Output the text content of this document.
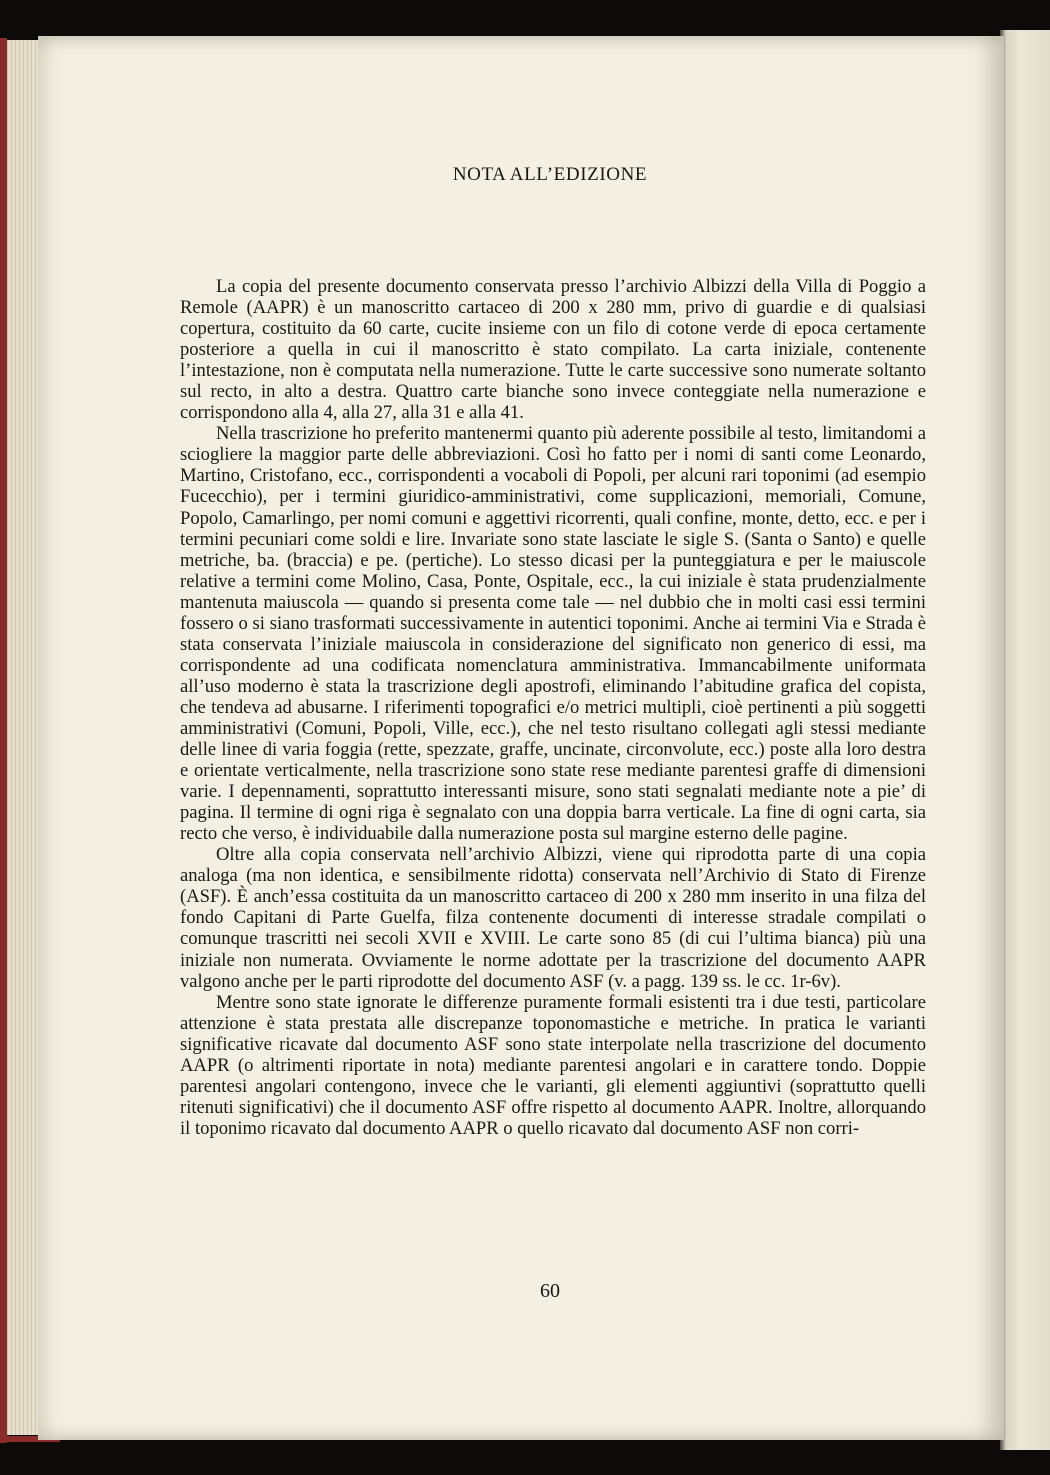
NOTA ALL’EDIZIONE

La copia del presente documento conservata presso l’archivio Albizzi della Villa di Poggio a Remole (AAPR) è un manoscritto cartaceo di 200 x 280 mm, privo di guardie e di qualsiasi copertura, costituito da 60 carte, cucite insieme con un filo di cotone verde di epoca certamente posteriore a quella in cui il manoscritto è stato compilato. La carta iniziale, contenente l’intestazione, non è computata nella numerazione. Tutte le carte successive sono numerate soltanto sul recto, in alto a destra. Quattro carte bianche sono invece conteggiate nella numerazione e corrispondono alla 4, alla 27, alla 31 e alla 41.

Nella trascrizione ho preferito mantenermi quanto più aderente possibile al testo, limitandomi a sciogliere la maggior parte delle abbreviazioni. Così ho fatto per i nomi di santi come Leonardo, Martino, Cristofano, ecc., corrispondenti a vocaboli di Popoli, per alcuni rari toponimi (ad esempio Fucecchio), per i termini giuridico-amministrativi, come supplicazioni, memoriali, Comune, Popolo, Camarlingo, per nomi comuni e aggettivi ricorrenti, quali confine, monte, detto, ecc. e per i termini pecuniari come soldi e lire. Invariate sono state lasciate le sigle S. (Santa o Santo) e quelle metriche, ba. (braccia) e pe. (pertiche). Lo stesso dicasi per la punteggiatura e per le maiuscole relative a termini come Molino, Casa, Ponte, Ospitale, ecc., la cui iniziale è stata prudenzialmente mantenuta maiuscola — quando si presenta come tale — nel dubbio che in molti casi essi termini fossero o si siano trasformati successivamente in autentici toponimi. Anche ai termini Via e Strada è stata conservata l’iniziale maiuscola in considerazione del significato non generico di essi, ma corrispondente ad una codificata nomenclatura amministrativa. Immancabilmente uniformata all’uso moderno è stata la trascrizione degli apostrofi, eliminando l’abitudine grafica del copista, che tendeva ad abusarne. I riferimenti topografici e/o metrici multipli, cioè pertinenti a più soggetti amministrativi (Comuni, Popoli, Ville, ecc.), che nel testo risultano collegati agli stessi mediante delle linee di varia foggia (rette, spezzate, graffe, uncinate, circonvolute, ecc.) poste alla loro destra e orientate verticalmente, nella trascrizione sono state rese mediante parentesi graffe di dimensioni varie. I depennamenti, soprattutto interessanti misure, sono stati segnalati mediante note a pie’ di pagina. Il termine di ogni riga è segnalato con una doppia barra verticale. La fine di ogni carta, sia recto che verso, è individuabile dalla numerazione posta sul margine esterno delle pagine.

Oltre alla copia conservata nell’archivio Albizzi, viene qui riprodotta parte di una copia analoga (ma non identica, e sensibilmente ridotta) conservata nell’Archivio di Stato di Firenze (ASF). È anch’essa costituita da un manoscritto cartaceo di 200 x 280 mm inserito in una filza del fondo Capitani di Parte Guelfa, filza contenente documenti di interesse stradale compilati o comunque trascritti nei secoli XVII e XVIII. Le carte sono 85 (di cui l’ultima bianca) più una iniziale non numerata. Ovviamente le norme adottate per la trascrizione del documento AAPR valgono anche per le parti riprodotte del documento ASF (v. a pagg. 139 ss. le cc. 1r-6v).

Mentre sono state ignorate le differenze puramente formali esistenti tra i due testi, particolare attenzione è stata prestata alle discrepanze toponomastiche e metriche. In pratica le varianti significative ricavate dal documento ASF sono state interpolate nella trascrizione del documento AAPR (o altrimenti riportate in nota) mediante parentesi angolari e in carattere tondo. Doppie parentesi angolari contengono, invece che le varianti, gli elementi aggiuntivi (soprattutto quelli ritenuti significativi) che il documento ASF offre rispetto al documento AAPR. Inoltre, allorquando il toponimo ricavato dal documento AAPR o quello ricavato dal documento ASF non corri-

60
